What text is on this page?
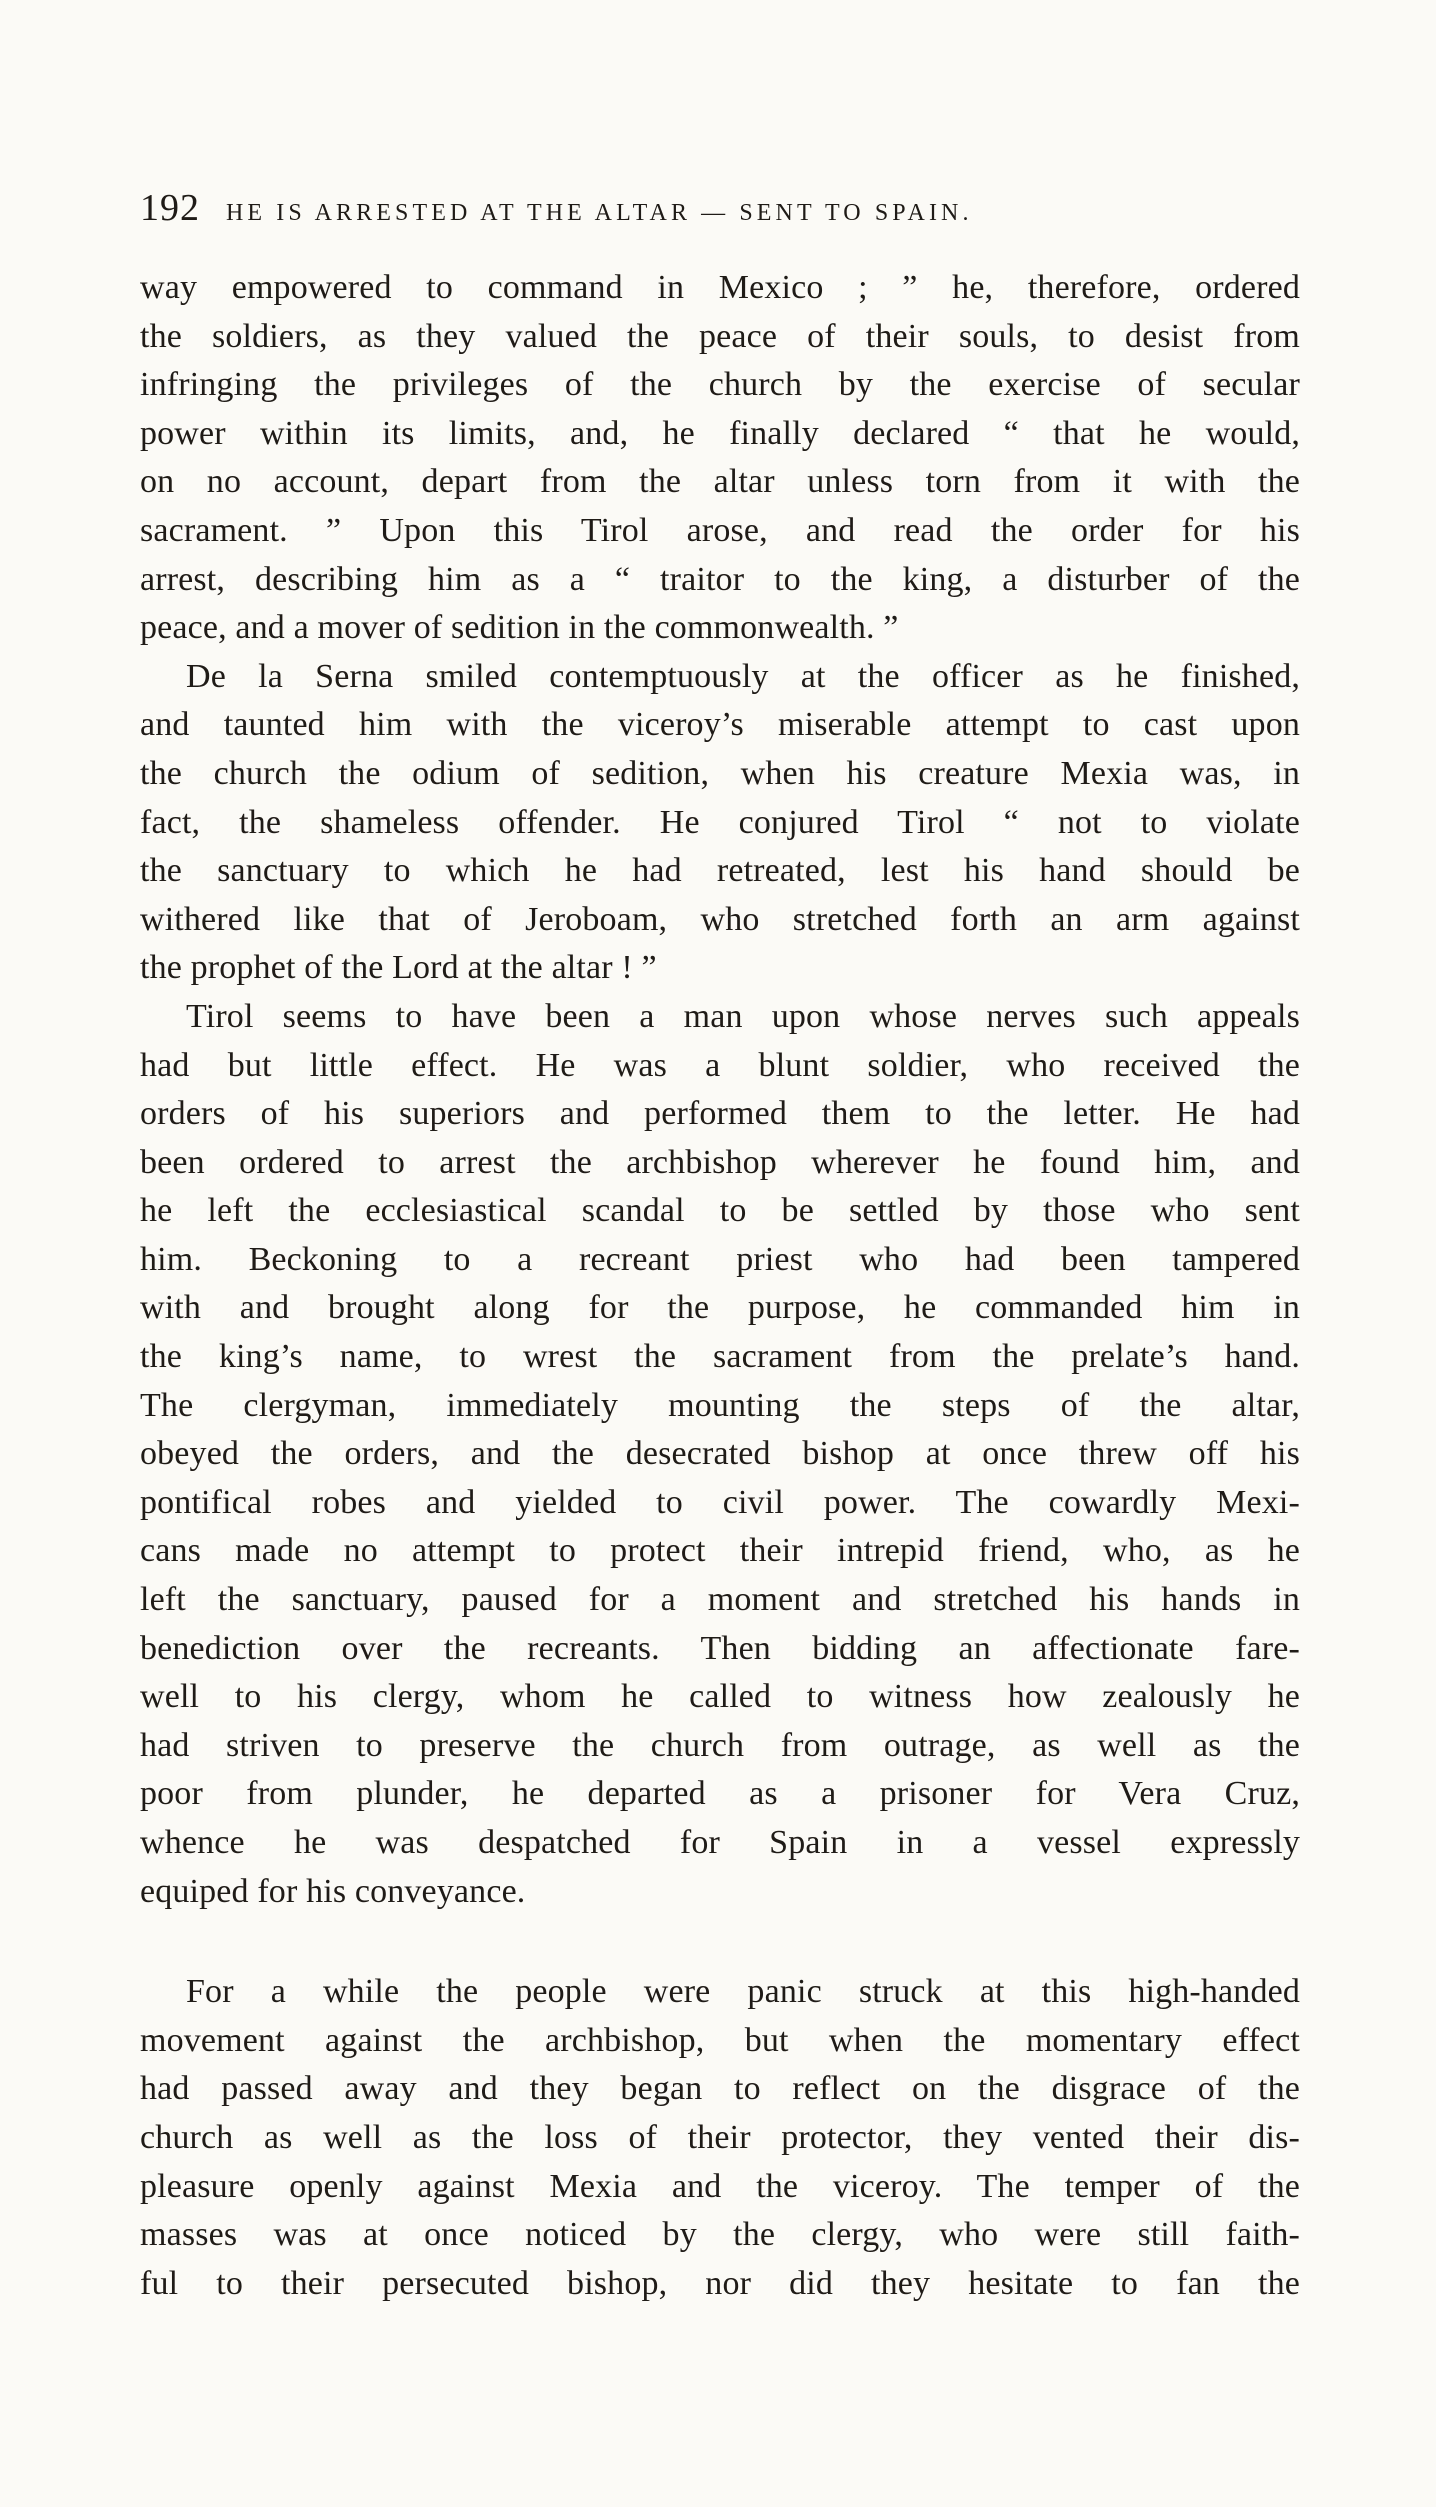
192 HE IS ARRESTED AT THE ALTAR — SENT TO SPAIN.
way empowered to command in Mexico ; ” he, therefore, ordered
the soldiers, as they valued the peace of their souls, to desist from
infringing the privileges of the church by the exercise of secular
power within its limits, and, he finally declared “ that he would,
on no account, depart from the altar unless torn from it with the
sacrament. ” Upon this Tirol arose, and read the order for his
arrest, describing him as a “ traitor to the king, a disturber of the
peace, and a mover of sedition in the commonwealth. ”
De la Serna smiled contemptuously at the officer as he finished,
and taunted him with the viceroy’s miserable attempt to cast upon
the church the odium of sedition, when his creature Mexia was, in
fact, the shameless offender. He conjured Tirol “ not to violate
the sanctuary to which he had retreated, lest his hand should be
withered like that of Jeroboam, who stretched forth an arm against
the prophet of the Lord at the altar ! ”
Tirol seems to have been a man upon whose nerves such appeals
had but little effect. He was a blunt soldier, who received the
orders of his superiors and performed them to the letter. He had
been ordered to arrest the archbishop wherever he found him, and
he left the ecclesiastical scandal to be settled by those who sent
him. Beckoning to a recreant priest who had been tampered
with and brought along for the purpose, he commanded him in
the king’s name, to wrest the sacrament from the prelate’s hand.
The clergyman, immediately mounting the steps of the altar,
obeyed the orders, and the desecrated bishop at once threw off his
pontifical robes and yielded to civil power. The cowardly Mexi-
cans made no attempt to protect their intrepid friend, who, as he
left the sanctuary, paused for a moment and stretched his hands in
benediction over the recreants. Then bidding an affectionate fare-
well to his clergy, whom he called to witness how zealously he
had striven to preserve the church from outrage, as well as the
poor from plunder, he departed as a prisoner for Vera Cruz,
whence he was despatched for Spain in a vessel expressly
equiped for his conveyance.
For a while the people were panic struck at this high-handed
movement against the archbishop, but when the momentary effect
had passed away and they began to reflect on the disgrace of the
church as well as the loss of their protector, they vented their dis-
pleasure openly against Mexia and the viceroy. The temper of the
masses was at once noticed by the clergy, who were still faith-
ful to their persecuted bishop, nor did they hesitate to fan the
